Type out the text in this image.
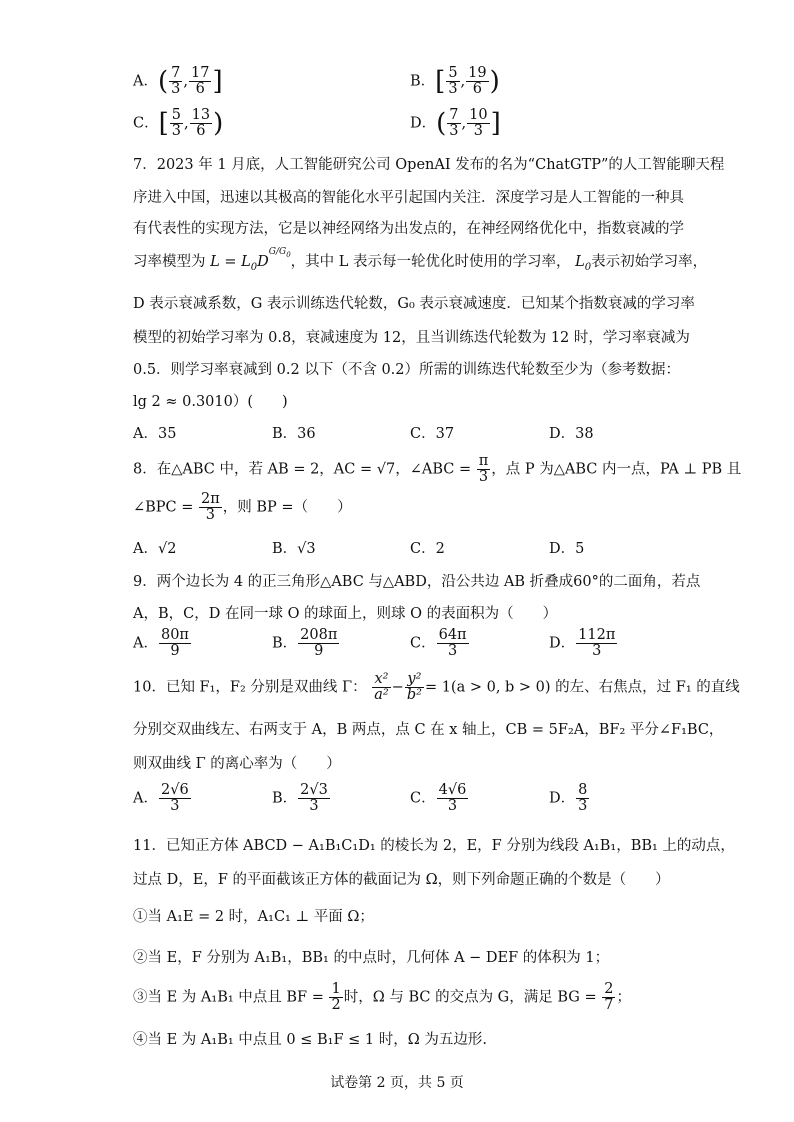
A．( $\frac{7}{3}$ , $\frac{17}{6}$ ]	B．[ $\frac{5}{3}$ , $\frac{19}{6}$ )
C．[ $\frac{5}{3}$ , $\frac{13}{6}$ )	D．( $\frac{7}{3}$ , $\frac{10}{3}$ ]
7．2023 年 1 月底，人工智能研究公司 OpenAI 发布的名为“ChatGTP”的人工智能聊天程
序进入中国，迅速以其极高的智能化水平引起国内关注．深度学习是人工智能的一种具
有代表性的实现方法，它是以神经网络为出发点的，在神经网络优化中，指数衰减的学
习率模型为 $L = L_0D^{G/G_0}$，其中 L 表示每一轮优化时使用的学习率， $L_0$表示初始学习率，
D 表示衰减系数，G 表示训练迭代轮数，G₀ 表示衰减速度．已知某个指数衰减的学习率
模型的初始学习率为 0.8，衰减速度为 12，且当训练迭代轮数为 12 时，学习率衰减为
0.5．则学习率衰减到 0.2 以下（不含 0.2）所需的训练迭代轮数至少为（参考数据：
lg 2 ≈ 0.3010）(　　)
A．35	B．36	C．37	D．38
8．在△ABC 中，若 AB = 2，AC = √7，∠ABC = $\frac{\pi}{3}$ ，点 P 为△ABC 内一点，PA ⊥ PB 且
∠BPC = $\frac{2\pi}{3}$ ，则 BP =（　　）
A．√2	B．√3	C．2	D．5
9．两个边长为 4 的正三角形△ABC 与△ABD，沿公共边 AB 折叠成60°的二面角，若点
A，B，C，D 在同一球 O 的球面上，则球 O 的表面积为（　　）
A． $\frac{80\pi}{9}$	B． $\frac{208\pi}{9}$	C． $\frac{64\pi}{3}$	D． $\frac{112\pi}{3}$
10．已知 F₁，F₂ 分别是双曲线 Γ： $\frac{\text{x²}}{\text{a²}} - \frac{\text{y²}}{\text{b²}} = 1(a > 0$, b > 0) 的左、右焦点，过 F₁ 的直线
分别交双曲线左、右两支于 A，B 两点，点 C 在 x 轴上，CB = 5F₂A，BF₂ 平分∠F₁BC，
则双曲线 Γ 的离心率为（　　）
A． $\frac{2√6}{3}$	B． $\frac{2√3}{3}$	C． $\frac{4√6}{3}$	D． $\frac{8}{3}$
11．已知正方体 ABCD − A₁B₁C₁D₁ 的棱长为 2，E，F 分别为线段 A₁B₁，BB₁ 上的动点，
过点 D，E，F 的平面截该正方体的截面记为 Ω，则下列命题正确的个数是（　　）
①当 A₁E = 2 时，A₁C₁ ⊥ 平面 Ω；
②当 E，F 分别为 A₁B₁，BB₁ 的中点时，几何体 A − DEF 的体积为 1；
③当 E 为 A₁B₁ 中点且 BF = $\frac{1}{2}$ 时，Ω 与 BC 的交点为 G，满足 BG = $\frac{2}{7}$ ；
④当 E 为 A₁B₁ 中点且 0 ≤ B₁F ≤ 1 时，Ω 为五边形.
试卷第 2 页，共 5 页
